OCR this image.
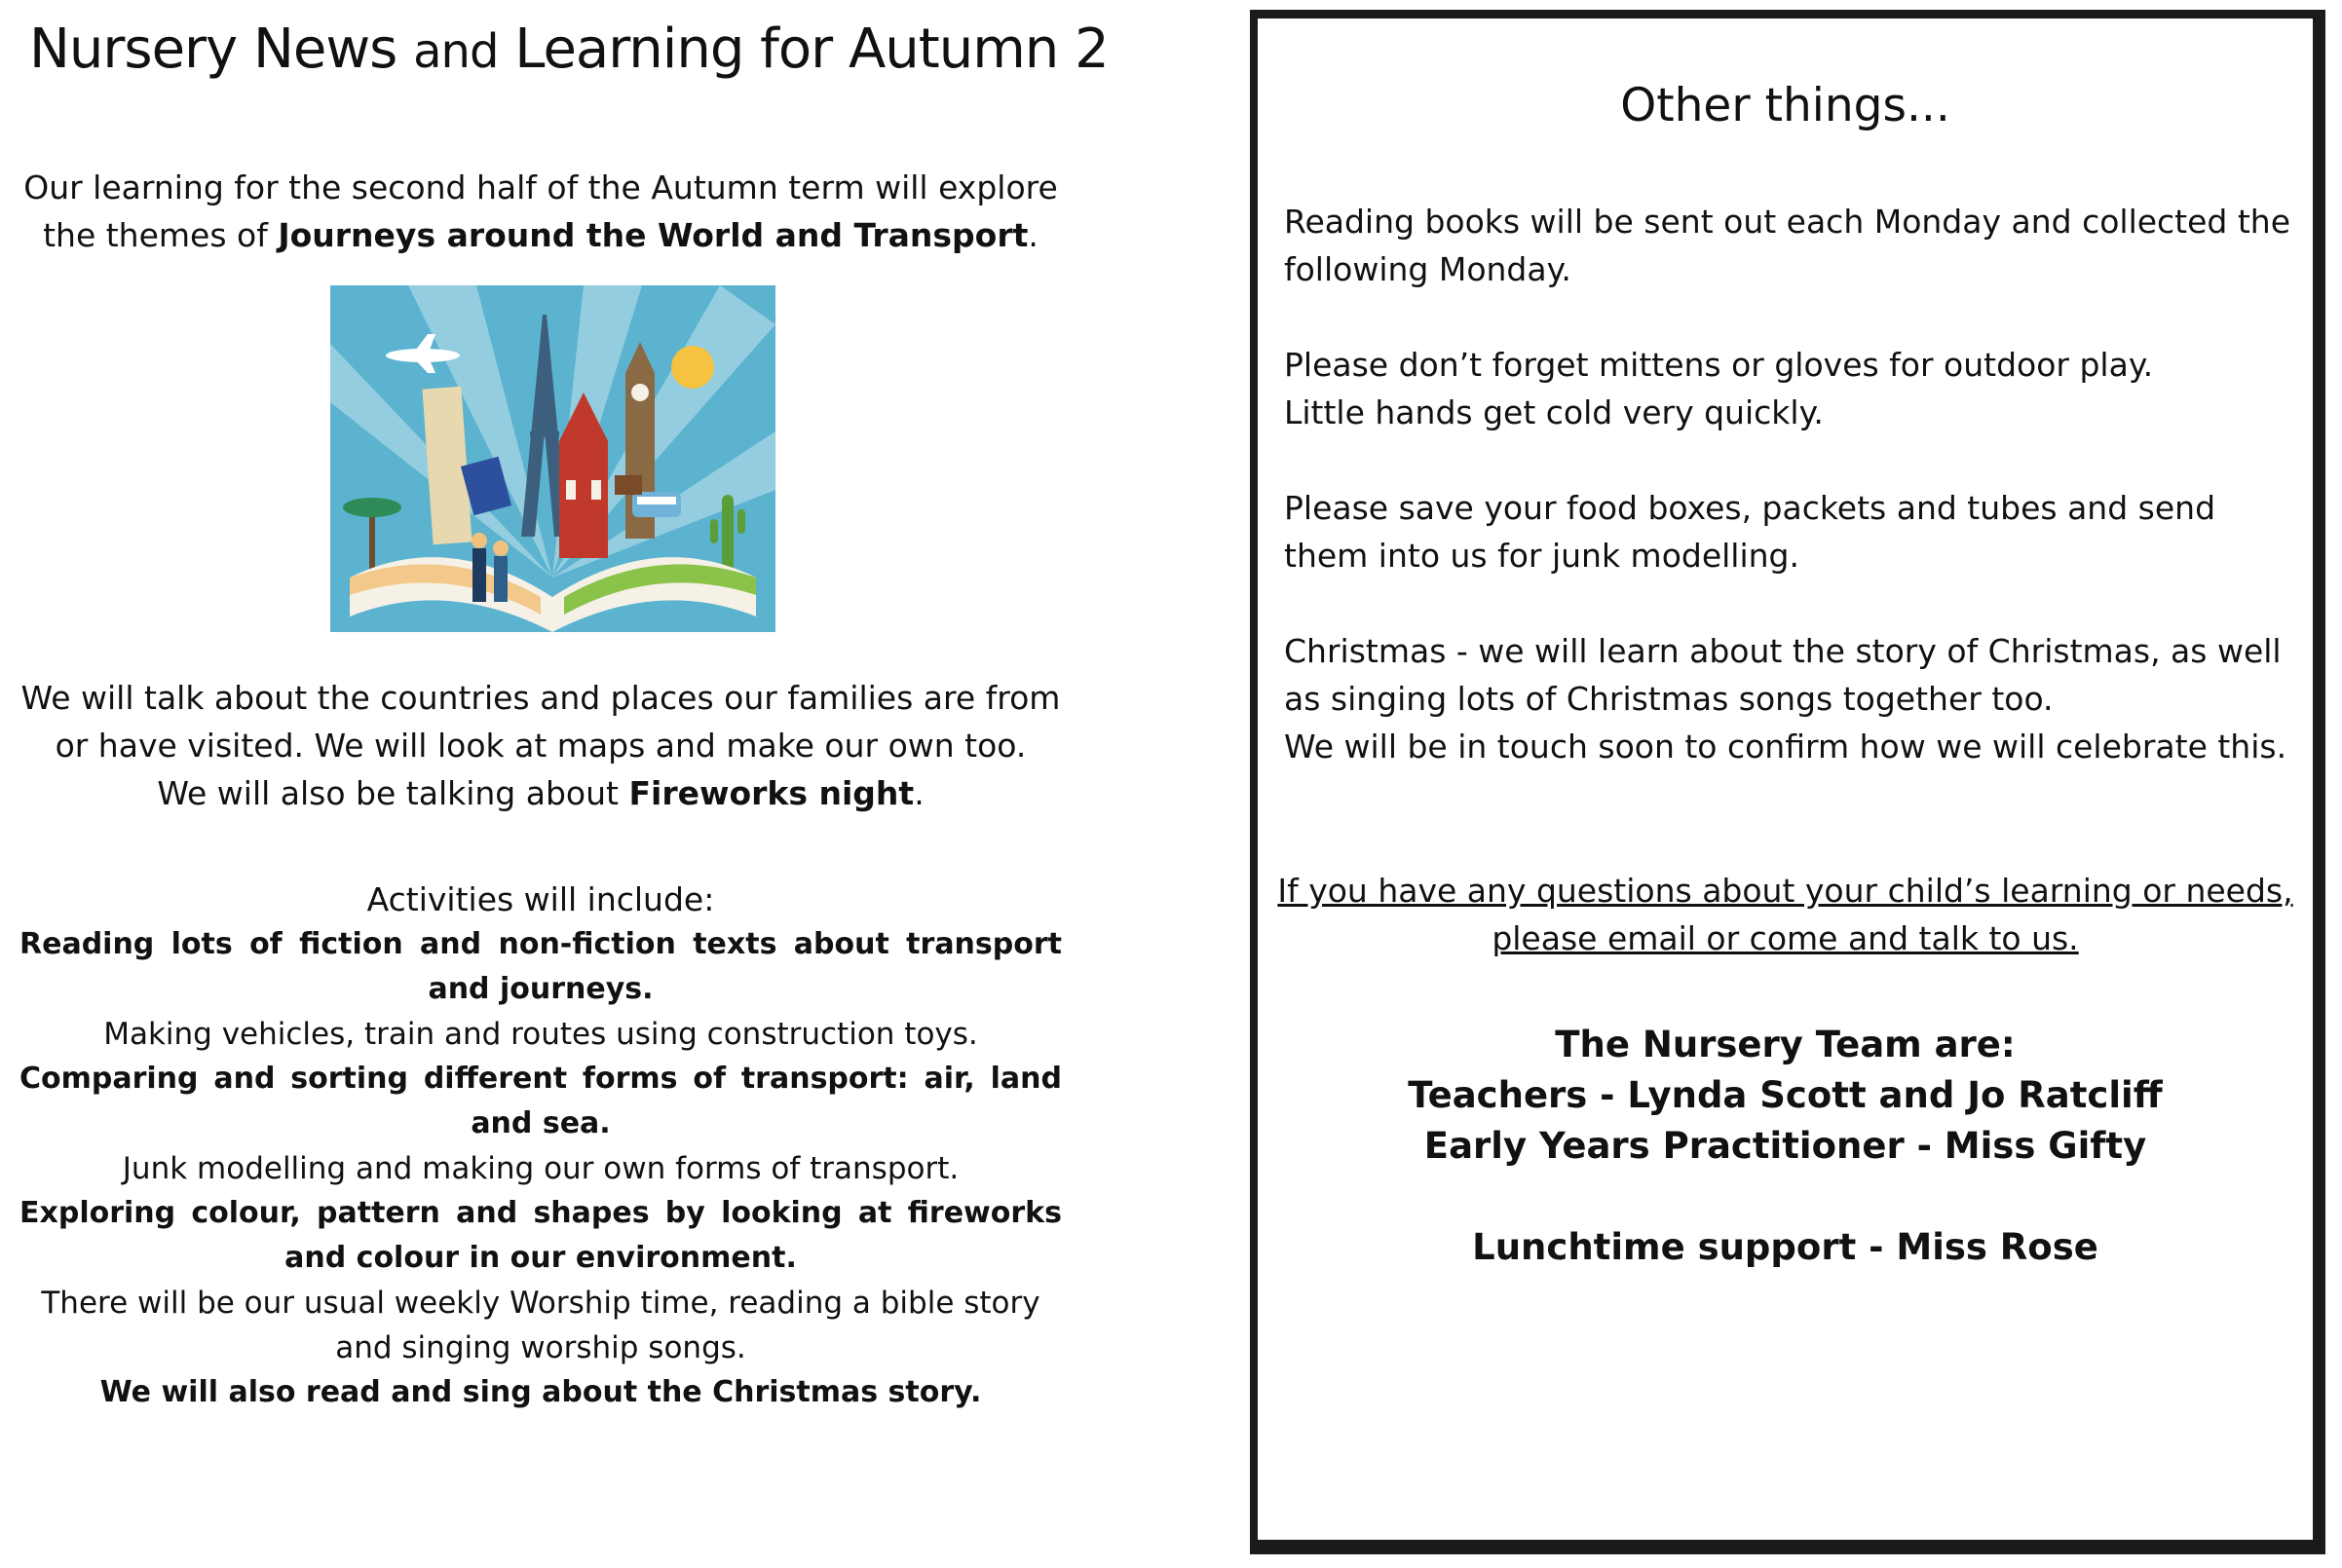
Nursery News and Learning for Autumn 2

Our learning for the second half of the Autumn term will explore the themes of Journeys around the World and Transport.

We will talk about the countries and places our families are from or have visited. We will look at maps and make our own too.
We will also be talking about Fireworks night.

Activities will include:

Reading lots of fiction and non-fiction texts about transport and journeys.
Making vehicles, train and routes using construction toys.
Comparing and sorting different forms of transport: air, land and sea.
Junk modelling and making our own forms of transport.
Exploring colour, pattern and shapes by looking at fireworks and colour in our environment.
There will be our usual weekly Worship time, reading a bible story and singing worship songs.
We will also read and sing about the Christmas story.
Other things...

Reading books will be sent out each Monday and collected the following Monday.

Please don’t forget mittens or gloves for outdoor play.
Little hands get cold very quickly.

Please save your food boxes, packets and tubes and send them into us for junk modelling.

Christmas - we will learn about the story of Christmas, as well as singing lots of Christmas songs together too.
We will be in touch soon to confirm how we will celebrate this.

If you have any questions about your child’s learning or needs,
please email or come and talk to us.

The Nursery Team are:
Teachers - Lynda Scott and Jo Ratcliff
Early Years Practitioner - Miss Gifty

Lunchtime support - Miss Rose
